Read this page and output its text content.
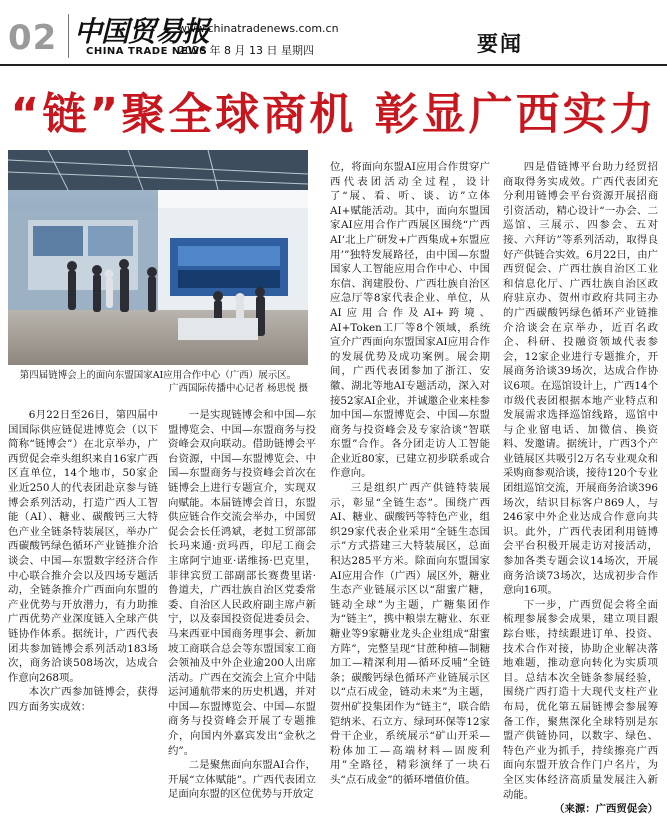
02 中国贸易报
CHINA TRADE NEWS
www.chinatradenews.com.cn
2026 年 8 月 13 日 星期四	要闻
“链”聚全球商机 彰显广西实力
第四届链博会上的面向东盟国家AI应用合作中心（广西）展示区。
广西国际传播中心记者 杨思悦 摄

6月22日至26日，第四届中国国际供应链促进博览会（以下简称“链博会”）在北京举办，广西贸促会牵头组织来自16家广西区直单位，14个地市，50家企业近250人的代表团赴京参与链博会系列活动，打造广西人工智能（AI）、糖业、碳酸钙三大特色产业全链条特装展区，举办广西碳酸钙绿色循环产业链推介洽谈会、中国—东盟数字经济合作中心联合推介会以及四场专题活动，全链条推介广西面向东盟的产业优势与开放潜力，有力助推广西优势产业深度链入全球产供链协作体系。据统计，广西代表团共参加链博会系列活动183场次，商务洽谈508场次，达成合作意向268项。

本次广西参加链博会，获得四方面务实成效：

一是实现链博会和中国—东盟博览会、中国—东盟商务与投资峰会双向联动。借助链博会平台资源，中国—东盟博览会、中国—东盟商务与投资峰会首次在链博会上进行专题宣介，实现双向赋能。本届链博会首日，东盟供应链合作交流会举办，中国贸促会会长任鸿斌，老挝工贸部部长玛来通·贡玛西，印尼工商会主席阿宁迪亚·诺维扬·巴克里，菲律宾贸工部副部长赛费里诺·鲁道夫，广西壮族自治区党委常委、自治区人民政府副主席卢新宁，以及泰国投资促进委员会、马来西亚中国商务理事会、新加坡工商联合总会等东盟国家工商会领袖及中外企业逾200人出席活动。广西在交流会上宣介中陆运河通航带来的历史机遇，并对中国—东盟博览会、中国—东盟商务与投资峰会开展了专题推介，向国内外嘉宾发出“金秋之约”。

二是聚焦面向东盟AI合作，开展“立体赋能”。广西代表团立足面向东盟的区位优势与开放定

位，将面向东盟AI应用合作贯穿广西代表团活动全过程，设计了“展、看、听、谈、访”立体AI+赋能活动。其中，面向东盟国家AI应用合作广西展区围绕“广西AI‘北上广研发+广西集成+东盟应用’”独特发展路径，由中国—东盟国家人工智能应用合作中心、中国东信、润建股份、广西壮族自治区应急厅等8家代表企业、单位，从AI应用合作及AI+跨境、AI+Token工厂等8个领域，系统宣介广西面向东盟国家AI应用合作的发展优势及成功案例。展会期间，广西代表团参加了浙江、安徽、湖北等地AI专题活动，深入对接52家AI企业，并诚邀企业来桂参加中国—东盟博览会、中国—东盟商务与投资峰会及专家洽谈“智联东盟”合作。各分团走访人工智能企业近80家，已建立初步联系或合作意向。

三是组织广西产供链特装展示，彰显“全链生态”。围绕广西AI、糖业、碳酸钙等特色产业，组织29家代表企业采用“全链生态国示”方式搭建三大特装展区，总面积达285平方米。除面向东盟国家AI应用合作（广西）展区外，糖业生态产业链展示区以“甜蜜广糖，链动全球”为主题，广糖集团作为“链主”，携中粮崇左糖业、东亚糖业等9家糖业龙头企业组成“甜蜜方阵”，完整呈现“甘蔗种植—制糖加工—精深利用—循环反哺”全链条；碳酸钙绿色循环产业链展示区以“点石成金，链动未来”为主题，贺州矿投集团作为“链主”，联合皓铠纳米、石立方、绿珂环保等12家骨干企业，系统展示“矿山开采—粉体加工—高端材料—固废利用”全路径，精彩演绎了一块石头“点石成金”的循环增值价值。

四是借链博平台助力经贸招商取得务实成效。广西代表团充分利用链博会平台资源开展招商引资活动，精心设计“一办会、二巡馆、三展示、四参会、五对接、六拜访”等系列活动，取得良好产供链合实效。6月22日，由广西贸促会、广西壮族自治区工业和信息化厅、广西壮族自治区政府驻京办、贺州市政府共同主办的广西碳酸钙绿色循环产业链推介洽谈会在京举办，近百名政企、科研、投融资领域代表参会，12家企业进行专题推介，开展商务洽谈39场次，达成合作协议6项。在巡馆设计上，广西14个市级代表团根据本地产业特点和发展需求选择巡馆线路，巡馆中与企业留电话、加微信、换资料、发邀请。据统计，广西3个产业链展区共吸引2万名专业观众和采购商参观洽谈，接待120个专业团组巡馆交流，开展商务洽谈396场次，结识目标客户869人，与246家中外企业达成合作意向共识。此外，广西代表团利用链博会平台积极开展走访对接活动，参加各类专题会议14场次，开展商务洽谈73场次，达成初步合作意向16项。

下一步，广西贸促会将全面梳理参展参会成果，建立项目跟踪台账，持续跟进订单、投资、技术合作对接，协助企业解决落地难题，推动意向转化为实质项目。总结本次全链条参展经验，围绕广西打造十大现代支柱产业布局，优化第五届链博会参展筹备工作，聚焦深化全球特别是东盟产供链协同，以数字、绿色、特色产业为抓手，持续擦亮广西面向东盟开放合作门户名片，为全区实体经济高质量发展注入新动能。

（来源：广西贸促会）
